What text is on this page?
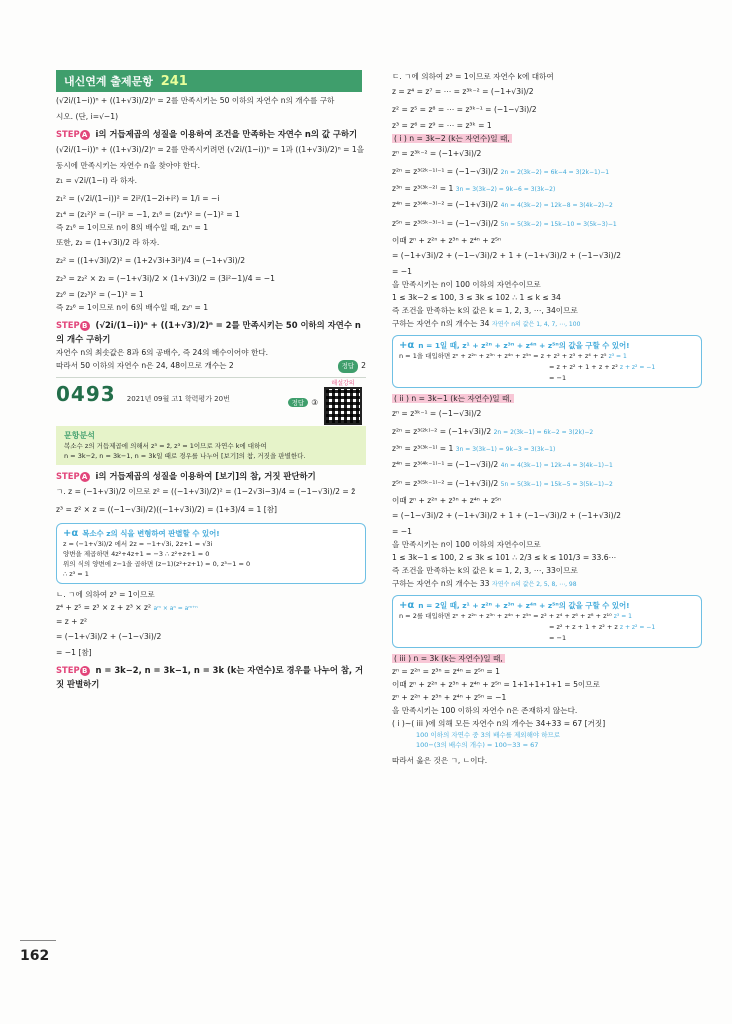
내신연계 출제문항 241
(√2i/(1−i))ⁿ + ((1+√3i)/2)ⁿ = 2를 만족시키는 50 이하의 자연수 n의 개수를 구하
시오. (단, i=√−1)
STEP A i의 거듭제곱의 성질을 이용하여 조건을 만족하는 자연수 n의 값 구하기
(√2i/(1−i))ⁿ + ((1+√3i)/2)ⁿ = 2를 만족시키려면 (√2i/(1−i))ⁿ = 1과 ((1+√3i)/2)ⁿ = 1을
동시에 만족시키는 자연수 n을 찾아야 한다.
z₁ = √2i/(1−i) 라 하자.
z₁² = (√2i/(1−i))² = 2i²/(1−2i+i²) = 1/i = −i
z₁⁴ = (z₁²)² = (−i)² = −1, z₁⁸ = (z₁⁴)² = (−1)² = 1
즉 z₁⁸ = 1이므로 n이 8의 배수일 때, z₁ⁿ = 1
또한, z₂ = (1+√3i)/2 라 하자.
z₂² = ((1+√3i)/2)² = (1+2√3i+3i²)/4 = (−1+√3i)/2
z₂³ = z₂² × z₂ = (−1+√3i)/2 × (1+√3i)/2 = (3i²−1)/4 = −1
z₂⁶ = (z₂³)² = (−1)² = 1
즉 z₂⁶ = 1이므로 n이 6의 배수일 때, z₂ⁿ = 1
STEP B (√2i/(1−i))ⁿ + ((1+√3)/2)ⁿ = 2를 만족시키는 50 이하의 자연수 n의 개수 구하기
자연수 n의 최솟값은 8과 6의 공배수, 즉 24의 배수이어야 한다.
따라서 50 이하의 자연수 n은 24, 48이므로 개수는 2	정답 2
0493 2021년 09월 고1 학력평가 20번	정답 ③
해설강의
문항분석
복소수 z의 거듭제곱에 의해서 z³ = z̄, z³ = 1이므로 자연수 k에 대하여
n = 3k−2, n = 3k−1, n = 3k일 때로 경우를 나누어 [보기]의 참, 거짓을 판별한다.
STEP A i의 거듭제곱의 성질을 이용하여 [보기]의 참, 거짓 판단하기
ㄱ. z = (−1+√3i)/2 이므로 z² = ((−1+√3i)/2)² = (1−2√3i−3)/4 = (−1−√3i)/2 = z̄
z³ = z² × z = ((−1−√3i)/2)((−1+√3i)/2) = (1+3)/4 = 1 [참]
+α 복소수 z의 식을 변형하여 판별할 수 있어!
z = (−1+√3i)/2 에서 2z = −1+√3i, 2z+1 = √3i
양변을 제곱하면 4z²+4z+1 = −3 ∴ z²+z+1 = 0
위의 식의 양변에 z−1을 곱하면 (z−1)(z²+z+1) = 0, z³−1 = 0
∴ z³ = 1
ㄴ. ㄱ에 의하여 z³ = 1이므로
z⁴ + z⁵ = z³ × z + z³ × z² aᵐ × aⁿ = aᵐ⁺ⁿ
= z + z²
= (−1+√3i)/2 + (−1−√3i)/2
= −1 [참]
STEP B n = 3k−2, n = 3k−1, n = 3k (k는 자연수)로 경우를 나누어 참, 거짓 판별하기
ㄷ. ㄱ에 의하여 z³ = 1이므로 자연수 k에 대하여
z = z⁴ = z⁷ = ⋯ = z³ᵏ⁻² = (−1+√3i)/2
z² = z⁵ = z⁸ = ⋯ = z³ᵏ⁻¹ = (−1−√3i)/2
z³ = z⁶ = z⁹ = ⋯ = z³ᵏ = 1
( i ) n = 3k−2 (k는 자연수)일 때,
zⁿ = z³ᵏ⁻² = (−1+√3i)/2
z²ⁿ = z³⁽²ᵏ⁻¹⁾⁻¹ = (−1−√3i)/2 2n = 2(3k−2) = 6k−4 = 3(2k−1)−1
z³ⁿ = z³⁽³ᵏ⁻²⁾ = 1 3n = 3(3k−2) = 9k−6 = 3(3k−2)
z⁴ⁿ = z³⁽⁴ᵏ⁻³⁾⁻² = (−1+√3i)/2 4n = 4(3k−2) = 12k−8 = 3(4k−2)−2
z⁵ⁿ = z³⁽⁵ᵏ⁻³⁾⁻¹ = (−1−√3i)/2 5n = 5(3k−2) = 15k−10 = 3(5k−3)−1
이때 zⁿ + z²ⁿ + z³ⁿ + z⁴ⁿ + z⁵ⁿ
= (−1+√3i)/2 + (−1−√3i)/2 + 1 + (−1+√3i)/2 + (−1−√3i)/2
= −1
을 만족시키는 n이 100 이하의 자연수이므로
1 ≤ 3k−2 ≤ 100, 3 ≤ 3k ≤ 102 ∴ 1 ≤ k ≤ 34
즉 조건을 만족하는 k의 값은 k = 1, 2, 3, ⋯, 34이므로
구하는 자연수 n의 개수는 34 자연수 n의 값은 1, 4, 7, ⋯, 100
+α n = 1일 때, z¹ + z²ⁿ + z³ⁿ + z⁴ⁿ + z⁵ⁿ의 값을 구할 수 있어!
n = 1을 대입하면 zⁿ + z²ⁿ + z³ⁿ + z⁴ⁿ + z⁵ⁿ = z + z² + z³ + z⁴ + z⁵ z³ = 1
= z + z² + 1 + z + z² z + z² = −1
= −1
( ii ) n = 3k−1 (k는 자연수)일 때,
zⁿ = z³ᵏ⁻¹ = (−1−√3i)/2
z²ⁿ = z³⁽²ᵏ⁾⁻² = (−1+√3i)/2 2n = 2(3k−1) = 6k−2 = 3(2k)−2
z³ⁿ = z³⁽³ᵏ⁻¹⁾ = 1 3n = 3(3k−1) = 9k−3 = 3(3k−1)
z⁴ⁿ = z³⁽⁴ᵏ⁻¹⁾⁻¹ = (−1−√3i)/2 4n = 4(3k−1) = 12k−4 = 3(4k−1)−1
z⁵ⁿ = z³⁽⁵ᵏ⁻¹⁾⁻² = (−1+√3i)/2 5n = 5(3k−1) = 15k−5 = 3(5k−1)−2
이때 zⁿ + z²ⁿ + z³ⁿ + z⁴ⁿ + z⁵ⁿ
= (−1−√3i)/2 + (−1+√3i)/2 + 1 + (−1−√3i)/2 + (−1+√3i)/2
= −1
을 만족시키는 n이 100 이하의 자연수이므로
1 ≤ 3k−1 ≤ 100, 2 ≤ 3k ≤ 101 ∴ 2/3 ≤ k ≤ 101/3 = 33.6⋯
즉 조건을 만족하는 k의 값은 k = 1, 2, 3, ⋯, 33이므로
구하는 자연수 n의 개수는 33 자연수 n의 값은 2, 5, 8, ⋯, 98
+α n = 2일 때, z¹ + z²ⁿ + z³ⁿ + z⁴ⁿ + z⁵ⁿ의 값을 구할 수 있어!
n = 2를 대입하면 zⁿ + z²ⁿ + z³ⁿ + z⁴ⁿ + z⁵ⁿ = z² + z⁴ + z⁶ + z⁸ + z¹⁰ z³ = 1
= z² + z + 1 + z² + z z + z² = −1
= −1
( iii ) n = 3k (k는 자연수)일 때,
zⁿ = z²ⁿ = z³ⁿ = z⁴ⁿ = z⁵ⁿ = 1
이때 zⁿ + z²ⁿ + z³ⁿ + z⁴ⁿ + z⁵ⁿ = 1+1+1+1+1 = 5이므로
zⁿ + z²ⁿ + z³ⁿ + z⁴ⁿ + z⁵ⁿ = −1
을 만족시키는 100 이하의 자연수 n은 존재하지 않는다.
( i )~( iii )에 의해 모든 자연수 n의 개수는 34+33 = 67 [거짓]
100 이하의 자연수 중 3의 배수를 제외해야 하므로
100−(3의 배수의 개수) = 100−33 = 67
따라서 옳은 것은 ㄱ, ㄴ이다.
162
